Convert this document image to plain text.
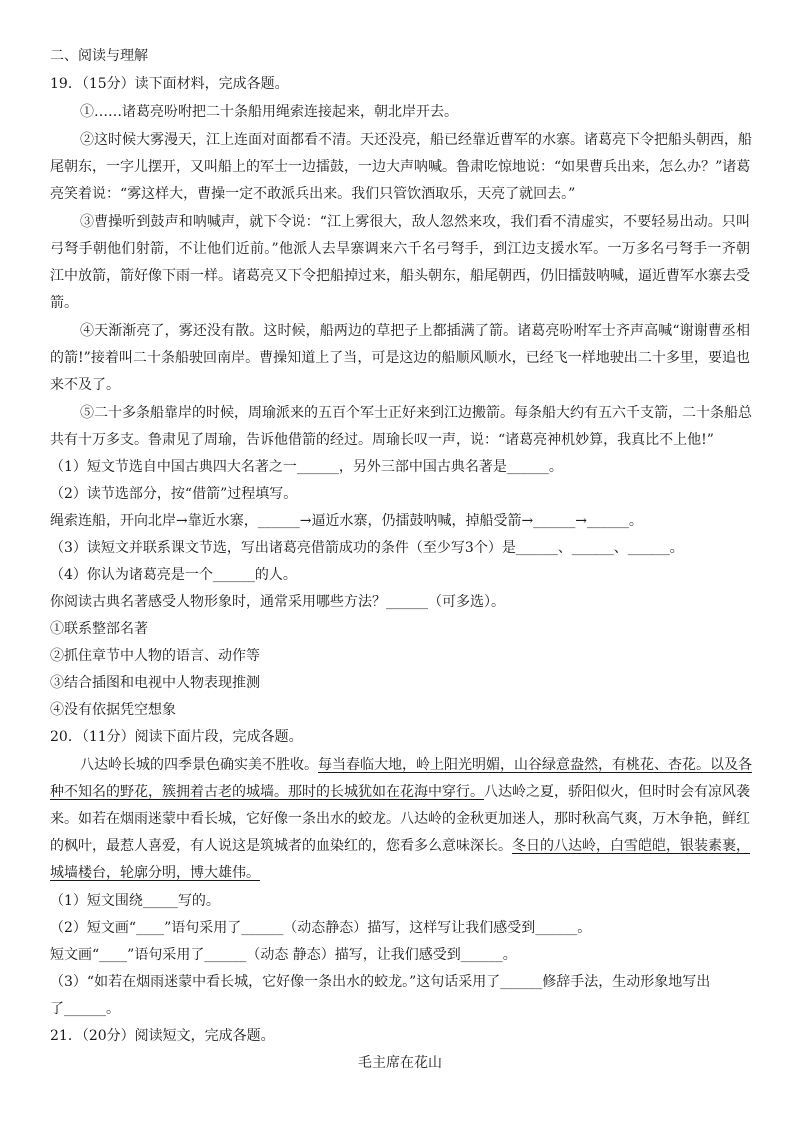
二、阅读与理解
19．（15分）读下面材料，完成各题。
①……诸葛亮吩咐把二十条船用绳索连接起来，朝北岸开去。
②这时候大雾漫天，江上连面对面都看不清。天还没亮，船已经靠近曹军的水寨。诸葛亮下令把船头朝西，船
尾朝东，一字儿摆开，又叫船上的军士一边擂鼓，一边大声呐喊。鲁肃吃惊地说：“如果曹兵出来，怎么办？”诸葛
亮笑着说：“雾这样大，曹操一定不敢派兵出来。我们只管饮酒取乐，天亮了就回去。”
③曹操听到鼓声和呐喊声，就下令说：“江上雾很大，敌人忽然来攻，我们看不清虚实，不要轻易出动。只叫
弓弩手朝他们射箭，不让他们近前。”他派人去旱寨调来六千名弓弩手，到江边支援水军。一万多名弓弩手一齐朝
江中放箭，箭好像下雨一样。诸葛亮又下令把船掉过来，船头朝东，船尾朝西，仍旧擂鼓呐喊，逼近曹军水寨去受
箭。
④天渐渐亮了，雾还没有散。这时候，船两边的草把子上都插满了箭。诸葛亮吩咐军士齐声高喊“谢谢曹丞相
的箭!”接着叫二十条船驶回南岸。曹操知道上了当，可是这边的船顺风顺水，已经飞一样地驶出二十多里，要追也
来不及了。
⑤二十多条船靠岸的时候，周瑜派来的五百个军士正好来到江边搬箭。每条船大约有五六千支箭，二十条船总
共有十万多支。鲁肃见了周瑜，告诉他借箭的经过。周瑜长叹一声，说：“诸葛亮神机妙算，我真比不上他!”
（1）短文节选自中国古典四大名著之一______，另外三部中国古典名著是______。
（2）读节选部分，按“借箭”过程填写。
绳索连船，开向北岸→靠近水寨，______→逼近水寨，仍擂鼓呐喊，掉船受箭→______→______。
（3）读短文并联系课文节选，写出诸葛亮借箭成功的条件（至少写3个）是______、______、______。
（4）你认为诸葛亮是一个______的人。
你阅读古典名著感受人物形象时，通常采用哪些方法？______（可多选）。
①联系整部名著
②抓住章节中人物的语言、动作等
③结合插图和电视中人物表现推测
④没有依据凭空想象
20．（11分）阅读下面片段，完成各题。
八达岭长城的四季景色确实美不胜收。每当春临大地，岭上阳光明媚，山谷绿意盎然，有桃花、杏花。以及各
种不知名的野花，簇拥着古老的城墙。那时的长城犹如在花海中穿行。八达岭之夏，骄阳似火，但时时会有凉风袭
来。如若在烟雨迷蒙中看长城，它好像一条出水的蛟龙。八达岭的金秋更加迷人，那时秋高气爽，万木争艳，鲜红
的枫叶，最惹人喜爱，有人说这是筑城者的血染红的，您看多么意味深长。冬日的八达岭，白雪皑皑，银装素裹，
城墙楼台，轮廓分明，博大雄伟。
（1）短文围绕_____写的。
（2）短文画“____”语句采用了______（动态静态）描写，这样写让我们感受到______。
短文画“____”语句采用了______（动态 静态）描写，让我们感受到______。
（3）“如若在烟雨迷蒙中看长城，它好像一条出水的蛟龙。”这句话采用了______修辞手法，生动形象地写出
了______。
21．（20分）阅读短文，完成各题。
毛主席在花山
